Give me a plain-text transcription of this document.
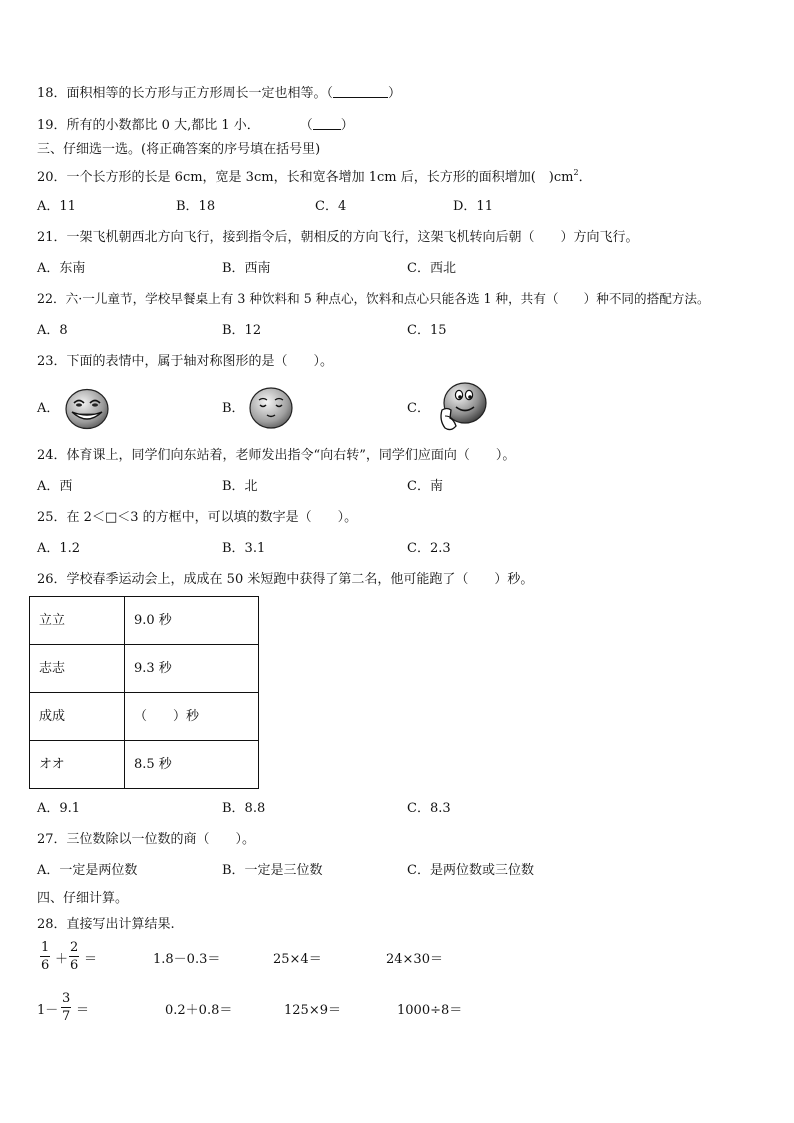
18．面积相等的长方形与正方形周长一定也相等。（	）
19．所有的小数都比 0 大,都比 1 小．	（ ）
三、仔细选一选。(将正确答案的序号填在括号里)
20．一个长方形的长是 6cm，宽是 3cm，长和宽各增加 1cm 后，长方形的面积增加(　)$cm^2$．
A．11	B．18	C．4	D．11
21．一架飞机朝西北方向飞行，接到指令后，朝相反的方向飞行，这架飞机转向后朝（　　）方向飞行。
A．东南	B．西南	C．西北
22．六·一儿童节，学校早餐桌上有 3 种饮料和 5 种点心，饮料和点心只能各选 1 种，共有（　　）种不同的搭配方法。
A．8	B．12	C．15
23．下面的表情中，属于轴对称图形的是（　　）。
A．	B．	C．
24．体育课上，同学们向东站着，老师发出指令“向右转”，同学们应面向（　　）。
A．西	B．北	C．南
25．在 2＜□＜3 的方框中，可以填的数字是（　　）。
A．1.2	B．3.1	C．2.3
26．学校春季运动会上，成成在 50 米短跑中获得了第二名，他可能跑了（　　）秒。
立立	9.0 秒
志志	9.3 秒
成成	（　　）秒
オオ	8.5 秒
A．9.1	B．8.8	C．8.3
27．三位数除以一位数的商（　　）。
A．一定是两位数	B．一定是三位数	C．是两位数或三位数
四、仔细计算。
28．直接写出计算结果.
1
6 ＋
2
6 ＝	1.8－0.3＝	25×4＝	24×30＝
1－
3
7 ＝	0.2＋0.8＝	125×9＝	1000÷8＝
